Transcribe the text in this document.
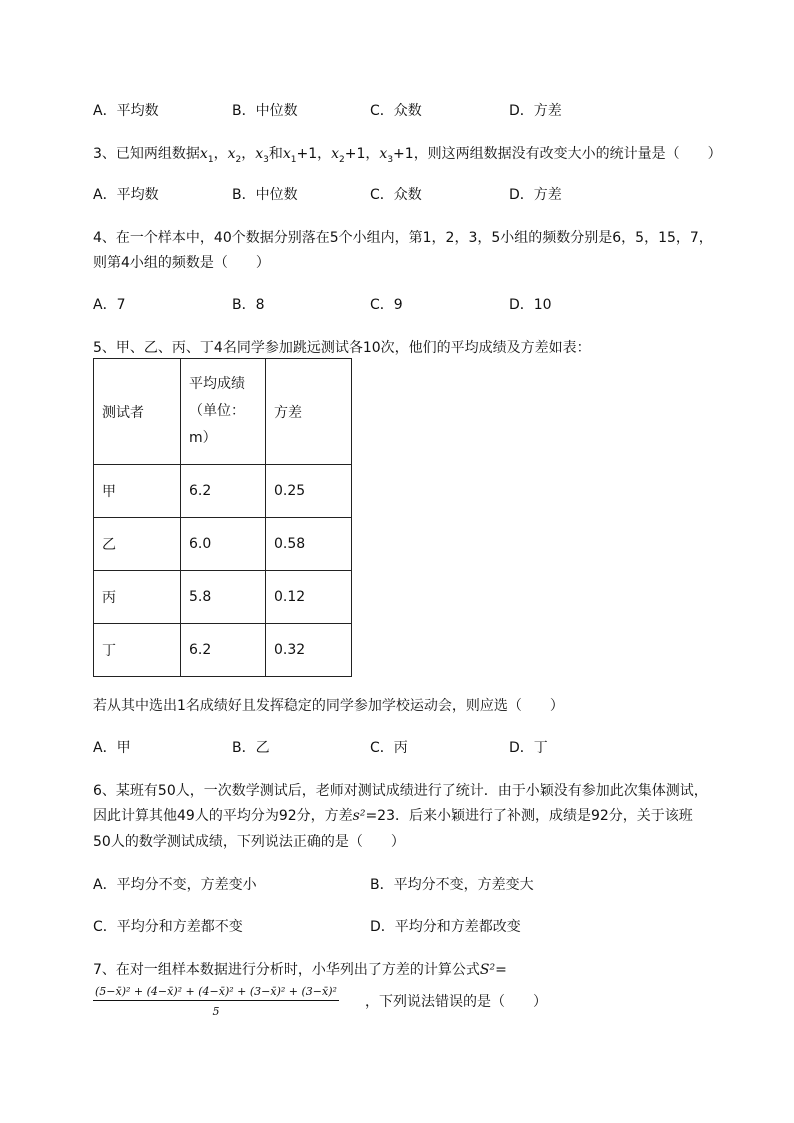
A．平均数	B．中位数	C．众数	D．方差
3、已知两组数据$x_1$，$x_2$，$x_3$和$x_1+1$，$x_2+1$，$x_3+1$，则这两组数据没有改变大小的统计量是（　　）
A．平均数	B．中位数	C．众数	D．方差
4、在一个样本中，40个数据分别落在5个小组内，第1，2，3，5小组的频数分别是6，5，15，7，
则第4小组的频数是（　　）
A．7	B．8	C．9	D．10
5、甲、乙、丙、丁4名同学参加跳远测试各10次，他们的平均成绩及方差如表：
测试者	平均成绩
（单位：
m）	方差
甲	6.2	0.25
乙	6.0	0.58
丙	5.8	0.12
丁	6.2	0.32
若从其中选出1名成绩好且发挥稳定的同学参加学校运动会，则应选（　　）
A．甲	B．乙	C．丙	D．丁
6、某班有50人，一次数学测试后，老师对测试成绩进行了统计．由于小颖没有参加此次集体测试，
因此计算其他49人的平均分为92分，方差s²=23．后来小颖进行了补测，成绩是92分，关于该班
50人的数学测试成绩，下列说法正确的是（　　）
A．平均分不变，方差变小	B．平均分不变，方差变大
C．平均分和方差都不变	D．平均分和方差都改变
7、在对一组样本数据进行分析时，小华列出了方差的计算公式S²=
$\frac{\text{(5−x̄)² + (4−x̄)² + (4−x̄)² + (3−x̄)² + (3−x̄)²}}{5}$ ，下列说法错误的是（　　）
